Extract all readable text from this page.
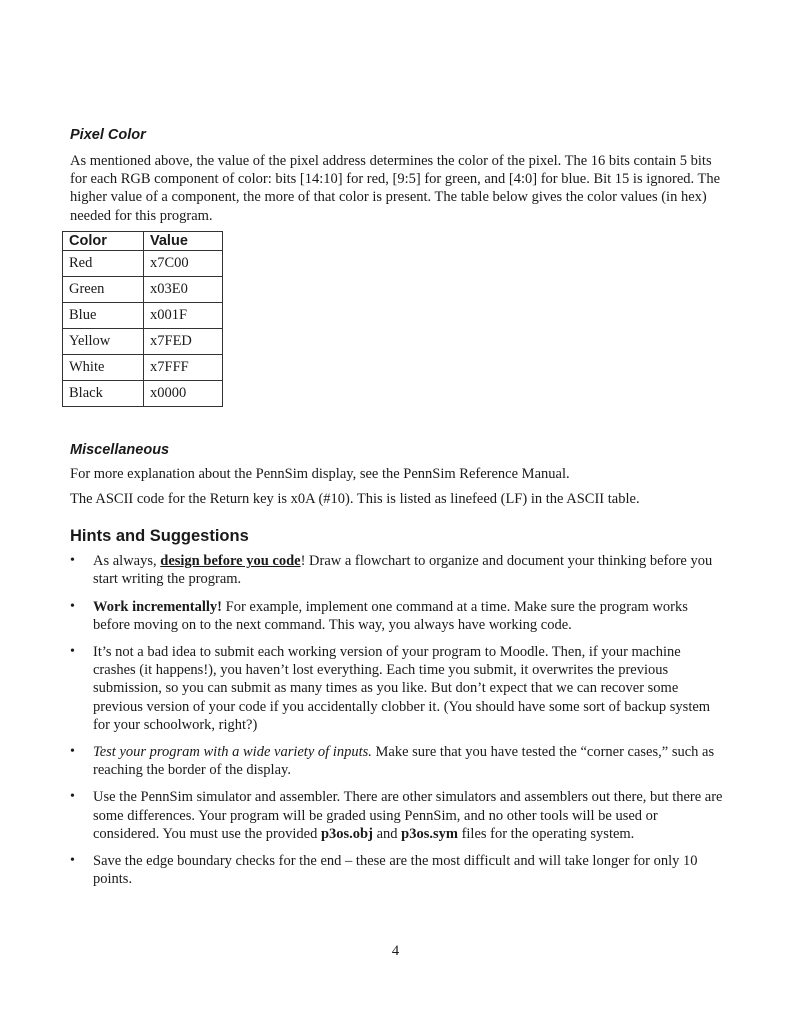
Pixel Color

As mentioned above, the value of the pixel address determines the color of the pixel. The 16 bits contain 5 bits for each RGB component of color: bits [14:10] for red, [9:5] for green, and [4:0] for blue. Bit 15 is ignored. The higher value of a component, the more of that color is present. The table below gives the color values (in hex) needed for this program.

Color	Value
Red	x7C00
Green	x03E0
Blue	x001F
Yellow	x7FED
White	x7FFF
Black	x0000

Miscellaneous

For more explanation about the PennSim display, see the PennSim Reference Manual.

The ASCII code for the Return key is x0A (#10). This is listed as linefeed (LF) in the ASCII table.

Hints and Suggestions

• As always, design before you code! Draw a flowchart to organize and document your thinking before you start writing the program.
• Work incrementally! For example, implement one command at a time. Make sure the program works before moving on to the next command. This way, you always have working code.
• It’s not a bad idea to submit each working version of your program to Moodle. Then, if your machine crashes (it happens!), you haven’t lost everything. Each time you submit, it overwrites the previous submission, so you can submit as many times as you like. But don’t expect that we can recover some previous version of your code if you accidentally clobber it. (You should have some sort of backup system for your schoolwork, right?)
• Test your program with a wide variety of inputs. Make sure that you have tested the “corner cases,” such as reaching the border of the display.
• Use the PennSim simulator and assembler. There are other simulators and assemblers out there, but there are some differences. Your program will be graded using PennSim, and no other tools will be used or considered. You must use the provided p3os.obj and p3os.sym files for the operating system.
• Save the edge boundary checks for the end – these are the most difficult and will take longer for only 10 points.
4
